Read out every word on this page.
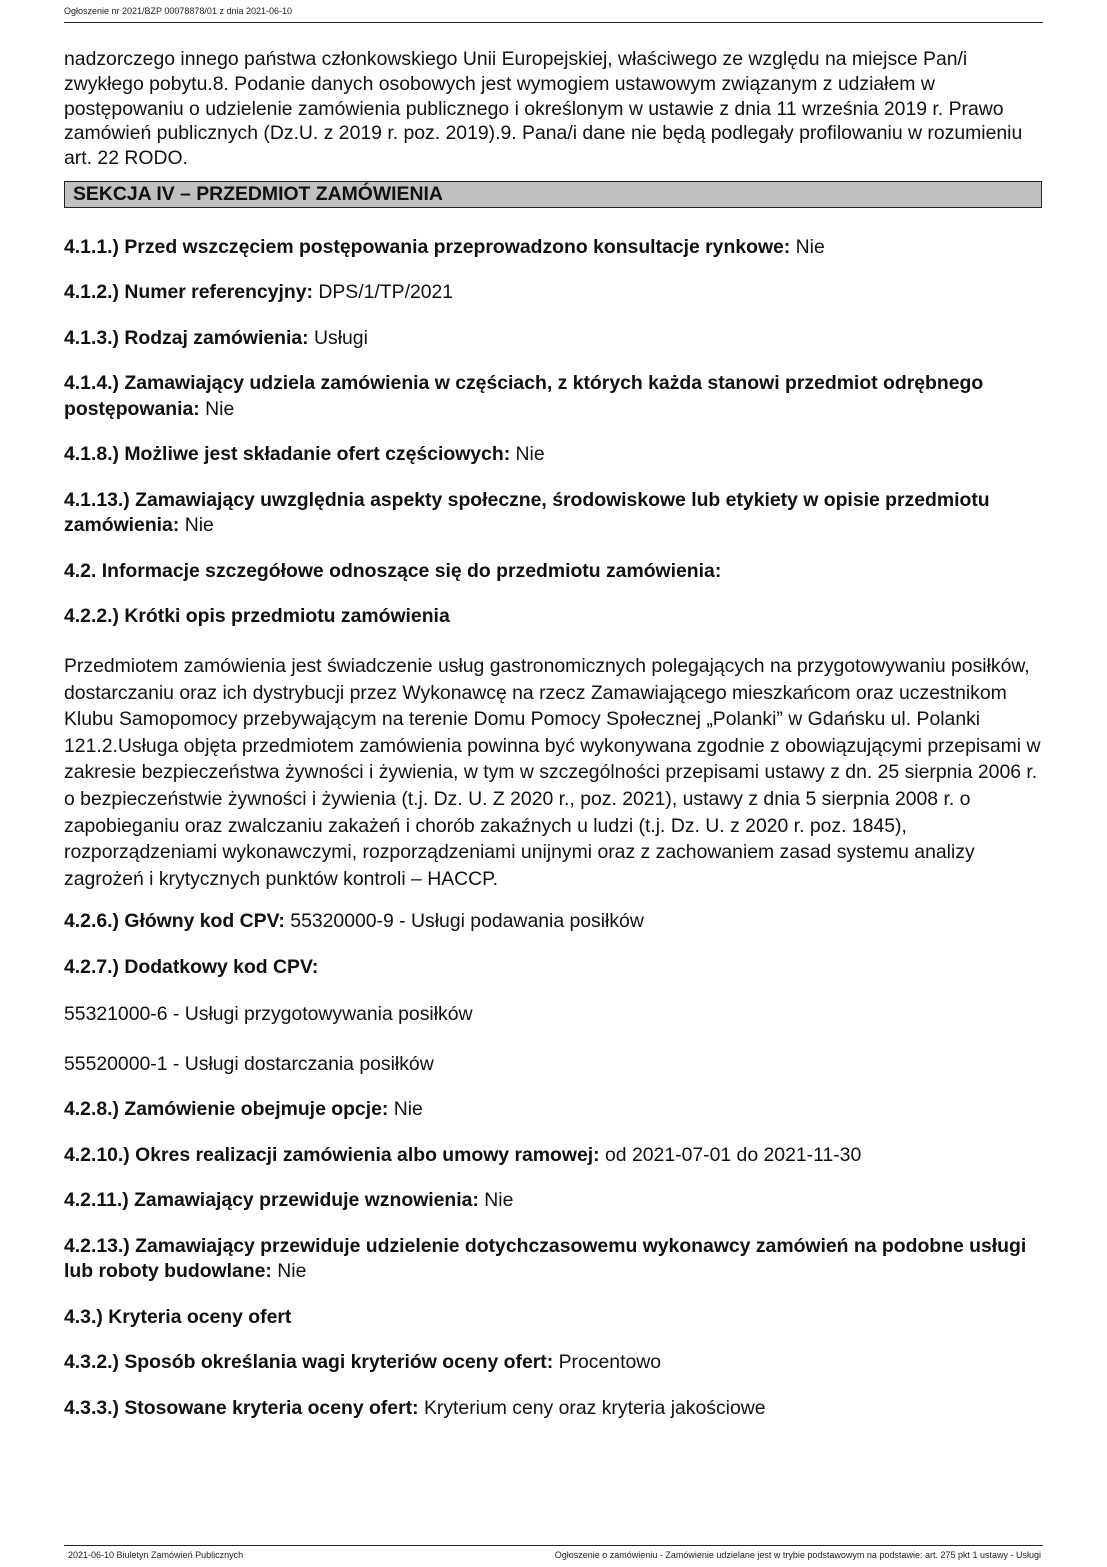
Ogłoszenie nr 2021/BZP 00078878/01 z dnia 2021-06-10

nadzorczego innego państwa członkowskiego Unii Europejskiej, właściwego ze względu na miejsce Pan/i zwykłego pobytu.8. Podanie danych osobowych jest wymogiem ustawowym związanym z udziałem w postępowaniu o udzielenie zamówienia publicznego i określonym w ustawie z dnia 11 września 2019 r. Prawo zamówień publicznych (Dz.U. z 2019 r. poz. 2019).9. Pana/i dane nie będą podlegały profilowaniu w rozumieniu art. 22 RODO.

SEKCJA IV – PRZEDMIOT ZAMÓWIENIA

4.1.1.) Przed wszczęciem postępowania przeprowadzono konsultacje rynkowe: Nie

4.1.2.) Numer referencyjny: DPS/1/TP/2021

4.1.3.) Rodzaj zamówienia: Usługi

4.1.4.) Zamawiający udziela zamówienia w częściach, z których każda stanowi przedmiot odrębnego postępowania: Nie

4.1.8.) Możliwe jest składanie ofert częściowych: Nie

4.1.13.) Zamawiający uwzględnia aspekty społeczne, środowiskowe lub etykiety w opisie przedmiotu zamówienia: Nie

4.2. Informacje szczegółowe odnoszące się do przedmiotu zamówienia:

4.2.2.) Krótki opis przedmiotu zamówienia

Przedmiotem zamówienia jest świadczenie usług gastronomicznych polegających na przygotowywaniu posiłków, dostarczaniu oraz ich dystrybucji przez Wykonawcę na rzecz Zamawiającego mieszkańcom oraz uczestnikom Klubu Samopomocy przebywającym na terenie Domu Pomocy Społecznej „Polanki” w Gdańsku ul. Polanki 121.2.Usługa objęta przedmiotem zamówienia powinna być wykonywana zgodnie z obowiązującymi przepisami w zakresie bezpieczeństwa żywności i żywienia, w tym w szczególności przepisami ustawy z dn. 25 sierpnia 2006 r. o bezpieczeństwie żywności i żywienia (t.j. Dz. U. Z 2020 r., poz. 2021), ustawy z dnia 5 sierpnia 2008 r. o zapobieganiu oraz zwalczaniu zakażeń i chorób zakaźnych u ludzi (t.j. Dz. U. z 2020 r. poz. 1845), rozporządzeniami wykonawczymi, rozporządzeniami unijnymi oraz z zachowaniem zasad systemu analizy zagrożeń i krytycznych punktów kontroli – HACCP.

4.2.6.) Główny kod CPV: 55320000-9 - Usługi podawania posiłków

4.2.7.) Dodatkowy kod CPV:

55321000-6 - Usługi przygotowywania posiłków

55520000-1 - Usługi dostarczania posiłków

4.2.8.) Zamówienie obejmuje opcje: Nie

4.2.10.) Okres realizacji zamówienia albo umowy ramowej: od 2021-07-01 do 2021-11-30

4.2.11.) Zamawiający przewiduje wznowienia: Nie

4.2.13.) Zamawiający przewiduje udzielenie dotychczasowemu wykonawcy zamówień na podobne usługi lub roboty budowlane: Nie

4.3.) Kryteria oceny ofert

4.3.2.) Sposób określania wagi kryteriów oceny ofert: Procentowo

4.3.3.) Stosowane kryteria oceny ofert: Kryterium ceny oraz kryteria jakościowe

2021-06-10 Biuletyn Zamówień Publicznych	Ogłoszenie o zamówieniu - Zamówienie udzielane jest w trybie podstawowym na podstawie: art. 275 pkt 1 ustawy - Usługi
